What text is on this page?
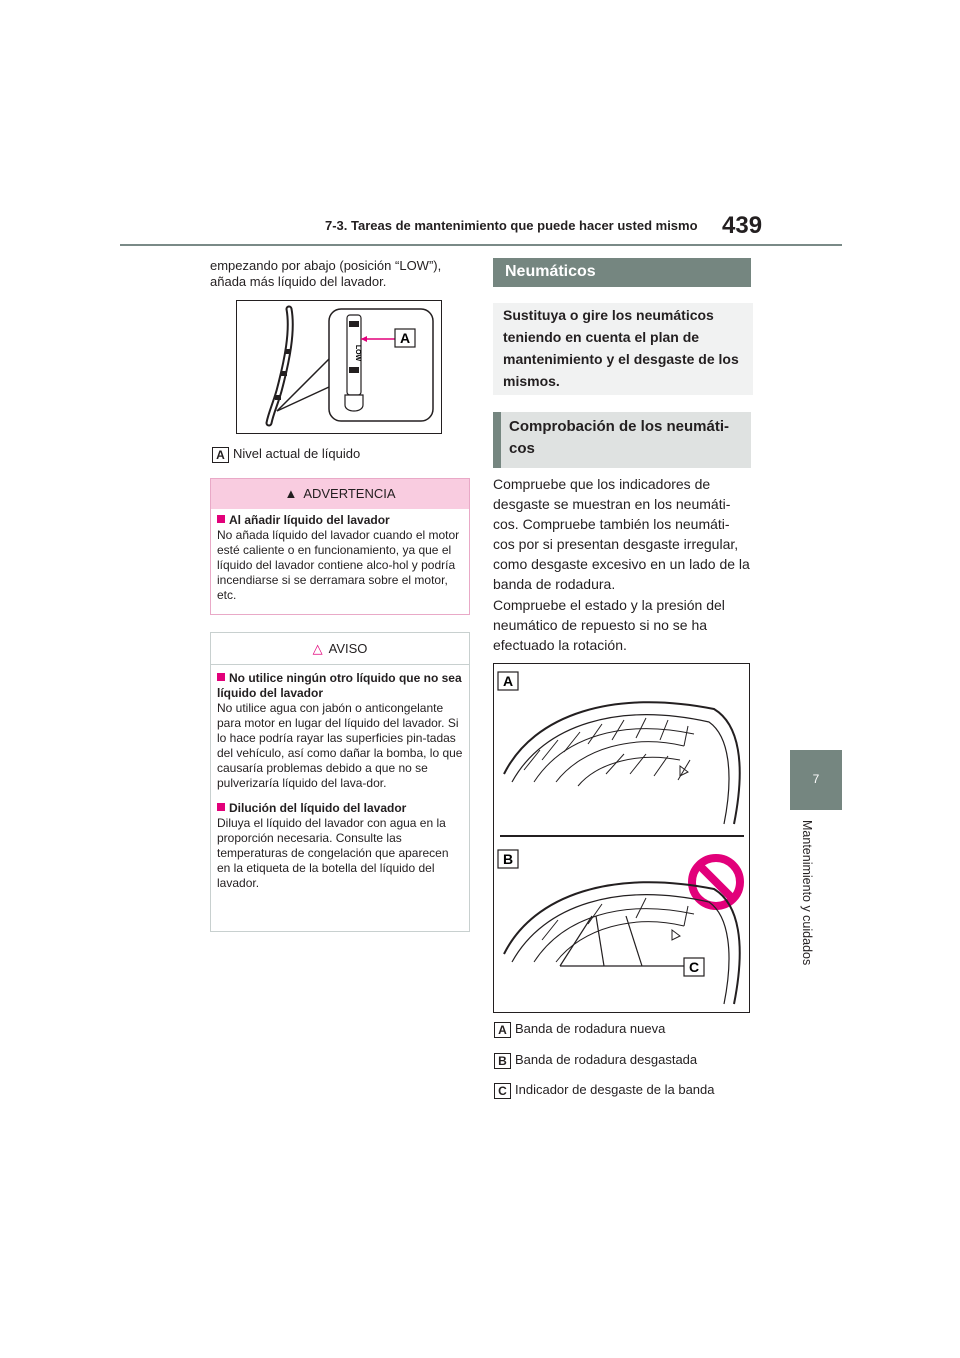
7-3. Tareas de mantenimiento que puede hacer usted mismo 439
7
Mantenimiento y cuidados
empezando por abajo (posición “LOW”), añada más líquido del lavador.
LOW
A
A Nivel actual de líquido
▲ ADVERTENCIA
Al añadir líquido del lavador
No añada líquido del lavador cuando el motor esté caliente o en funcionamiento, ya que el líquido del lavador contiene alco-hol y podría incendiarse si se derramara sobre el motor, etc.
△ AVISO
No utilice ningún otro líquido que no sea líquido del lavador
No utilice agua con jabón o anticongelante para motor en lugar del líquido del lavador. Si lo hace podría rayar las superficies pin-tadas del vehículo, así como dañar la bomba, lo que causaría problemas debido a que no se pulverizaría líquido del lava-dor.
Dilución del líquido del lavador
Diluya el líquido del lavador con agua en la proporción necesaria. Consulte las temperaturas de congelación que aparecen en la etiqueta de la botella del líquido del lavador.
Neumáticos
Sustituya o gire los neumáticos teniendo en cuenta el plan de mantenimiento y el desgaste de los mismos.
Comprobación de los neumáti-cos
Compruebe que los indicadores de desgaste se muestran en los neumáti-cos. Compruebe también los neumáti-cos por si presentan desgaste irregular, como desgaste excesivo en un lado de la banda de rodadura.
Compruebe el estado y la presión del neumático de repuesto si no se ha efectuado la rotación.
A
B
C
A Banda de rodadura nueva
B Banda de rodadura desgastada
C Indicador de desgaste de la banda
